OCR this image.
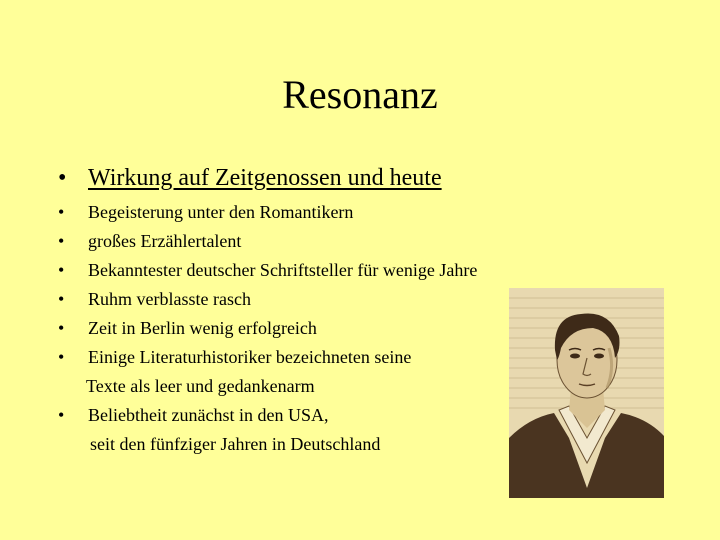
Resonanz
• Wirkung auf Zeitgenossen und heute
• Begeisterung unter den Romantikern
• großes Erzählertalent
• Bekanntester deutscher Schriftsteller für wenige Jahre
• Ruhm verblasste rasch
• Zeit in Berlin wenig erfolgreich
• Einige Literaturhistoriker bezeichneten seine
Texte als leer und gedankenarm
• Beliebtheit zunächst in den USA,
seit den fünfziger Jahren in Deutschland
